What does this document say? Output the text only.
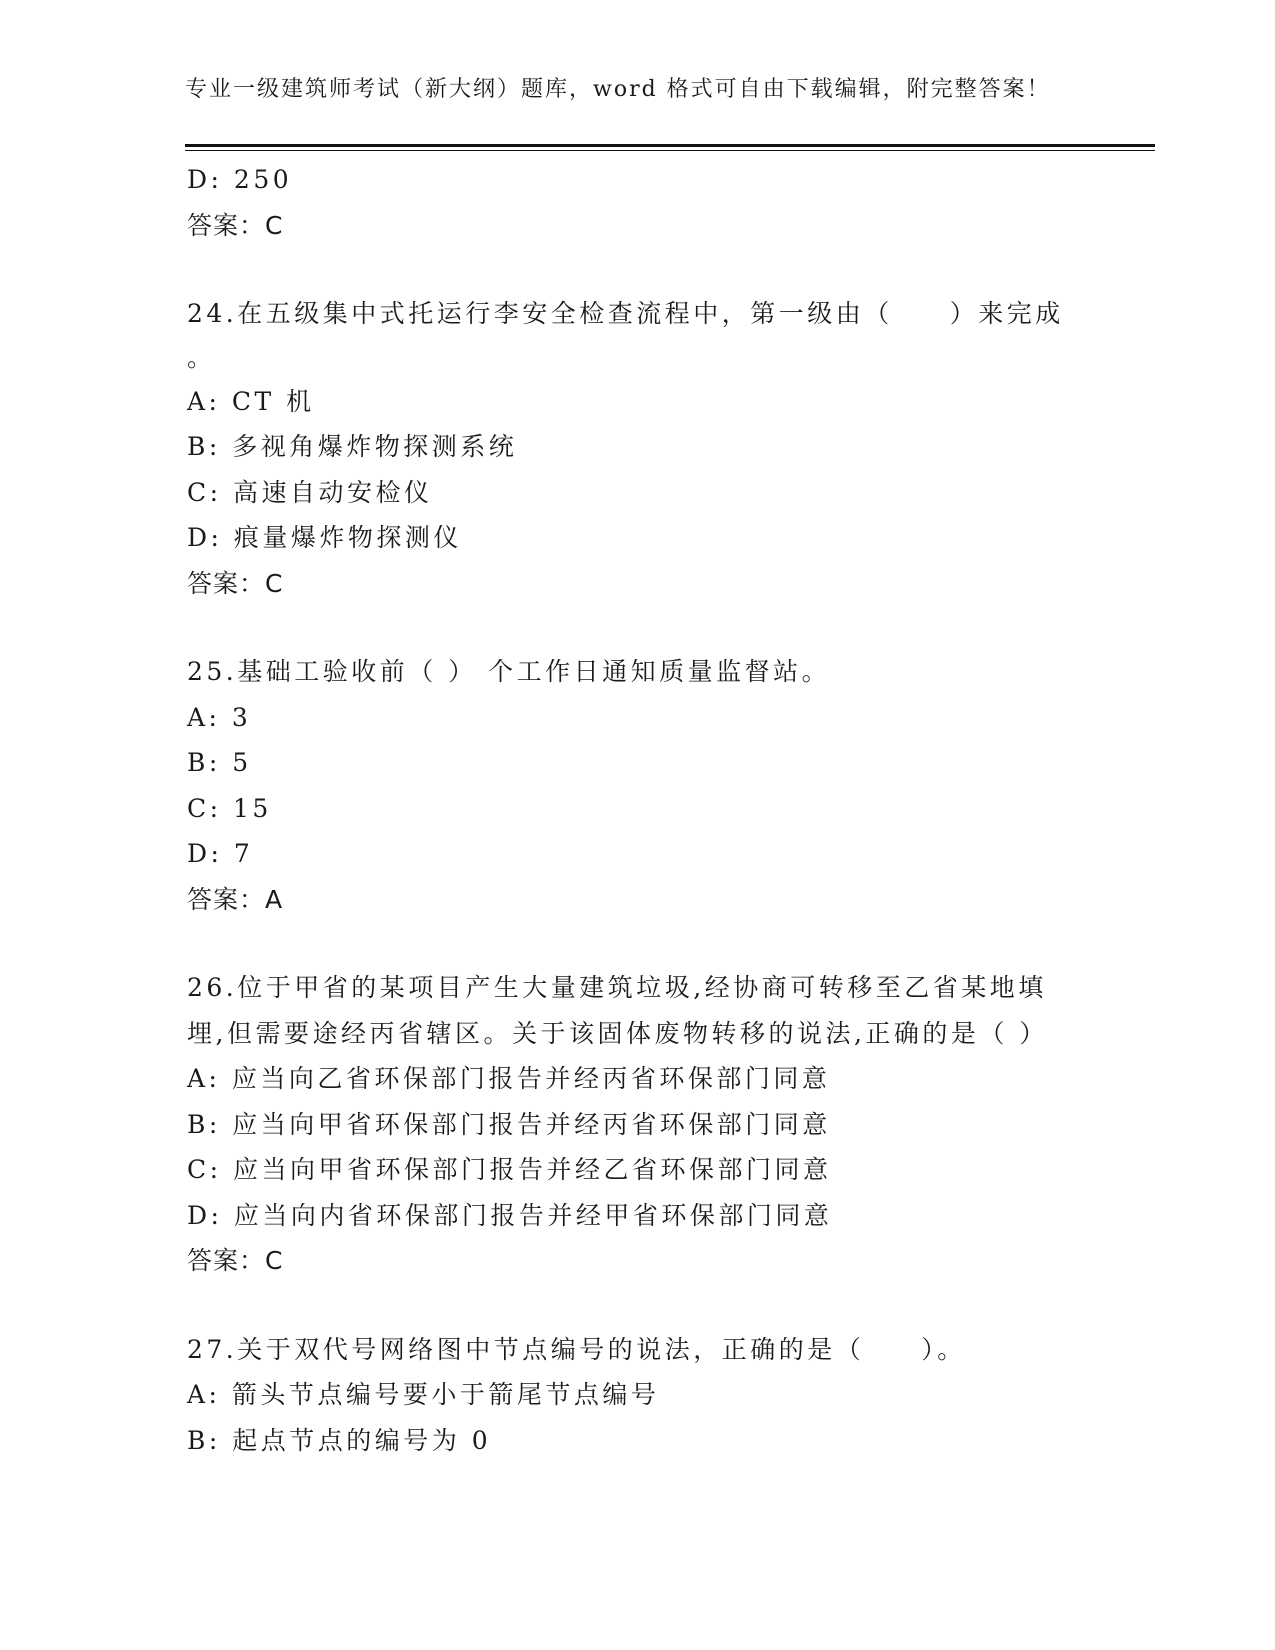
专业一级建筑师考试（新大纲）题库，word 格式可自由下载编辑，附完整答案！
D: 250
答案：C
24.在五级集中式托运行李安全检查流程中，第一级由（　　）来完成
。
A: CT 机
B: 多视角爆炸物探测系统
C: 高速自动安检仪
D: 痕量爆炸物探测仪
答案：C
25.基础工验收前（ ） 个工作日通知质量监督站。
A: 3
B: 5
C: 15
D: 7
答案：A
26.位于甲省的某项目产生大量建筑垃圾,经协商可转移至乙省某地填
埋,但需要途经丙省辖区。关于该固体废物转移的说法,正确的是（ ）
A: 应当向乙省环保部门报告并经丙省环保部门同意
B: 应当向甲省环保部门报告并经丙省环保部门同意
C: 应当向甲省环保部门报告并经乙省环保部门同意
D: 应当向内省环保部门报告并经甲省环保部门同意
答案：C
27.关于双代号网络图中节点编号的说法，正确的是（　　）。
A: 箭头节点编号要小于箭尾节点编号
B: 起点节点的编号为 0
